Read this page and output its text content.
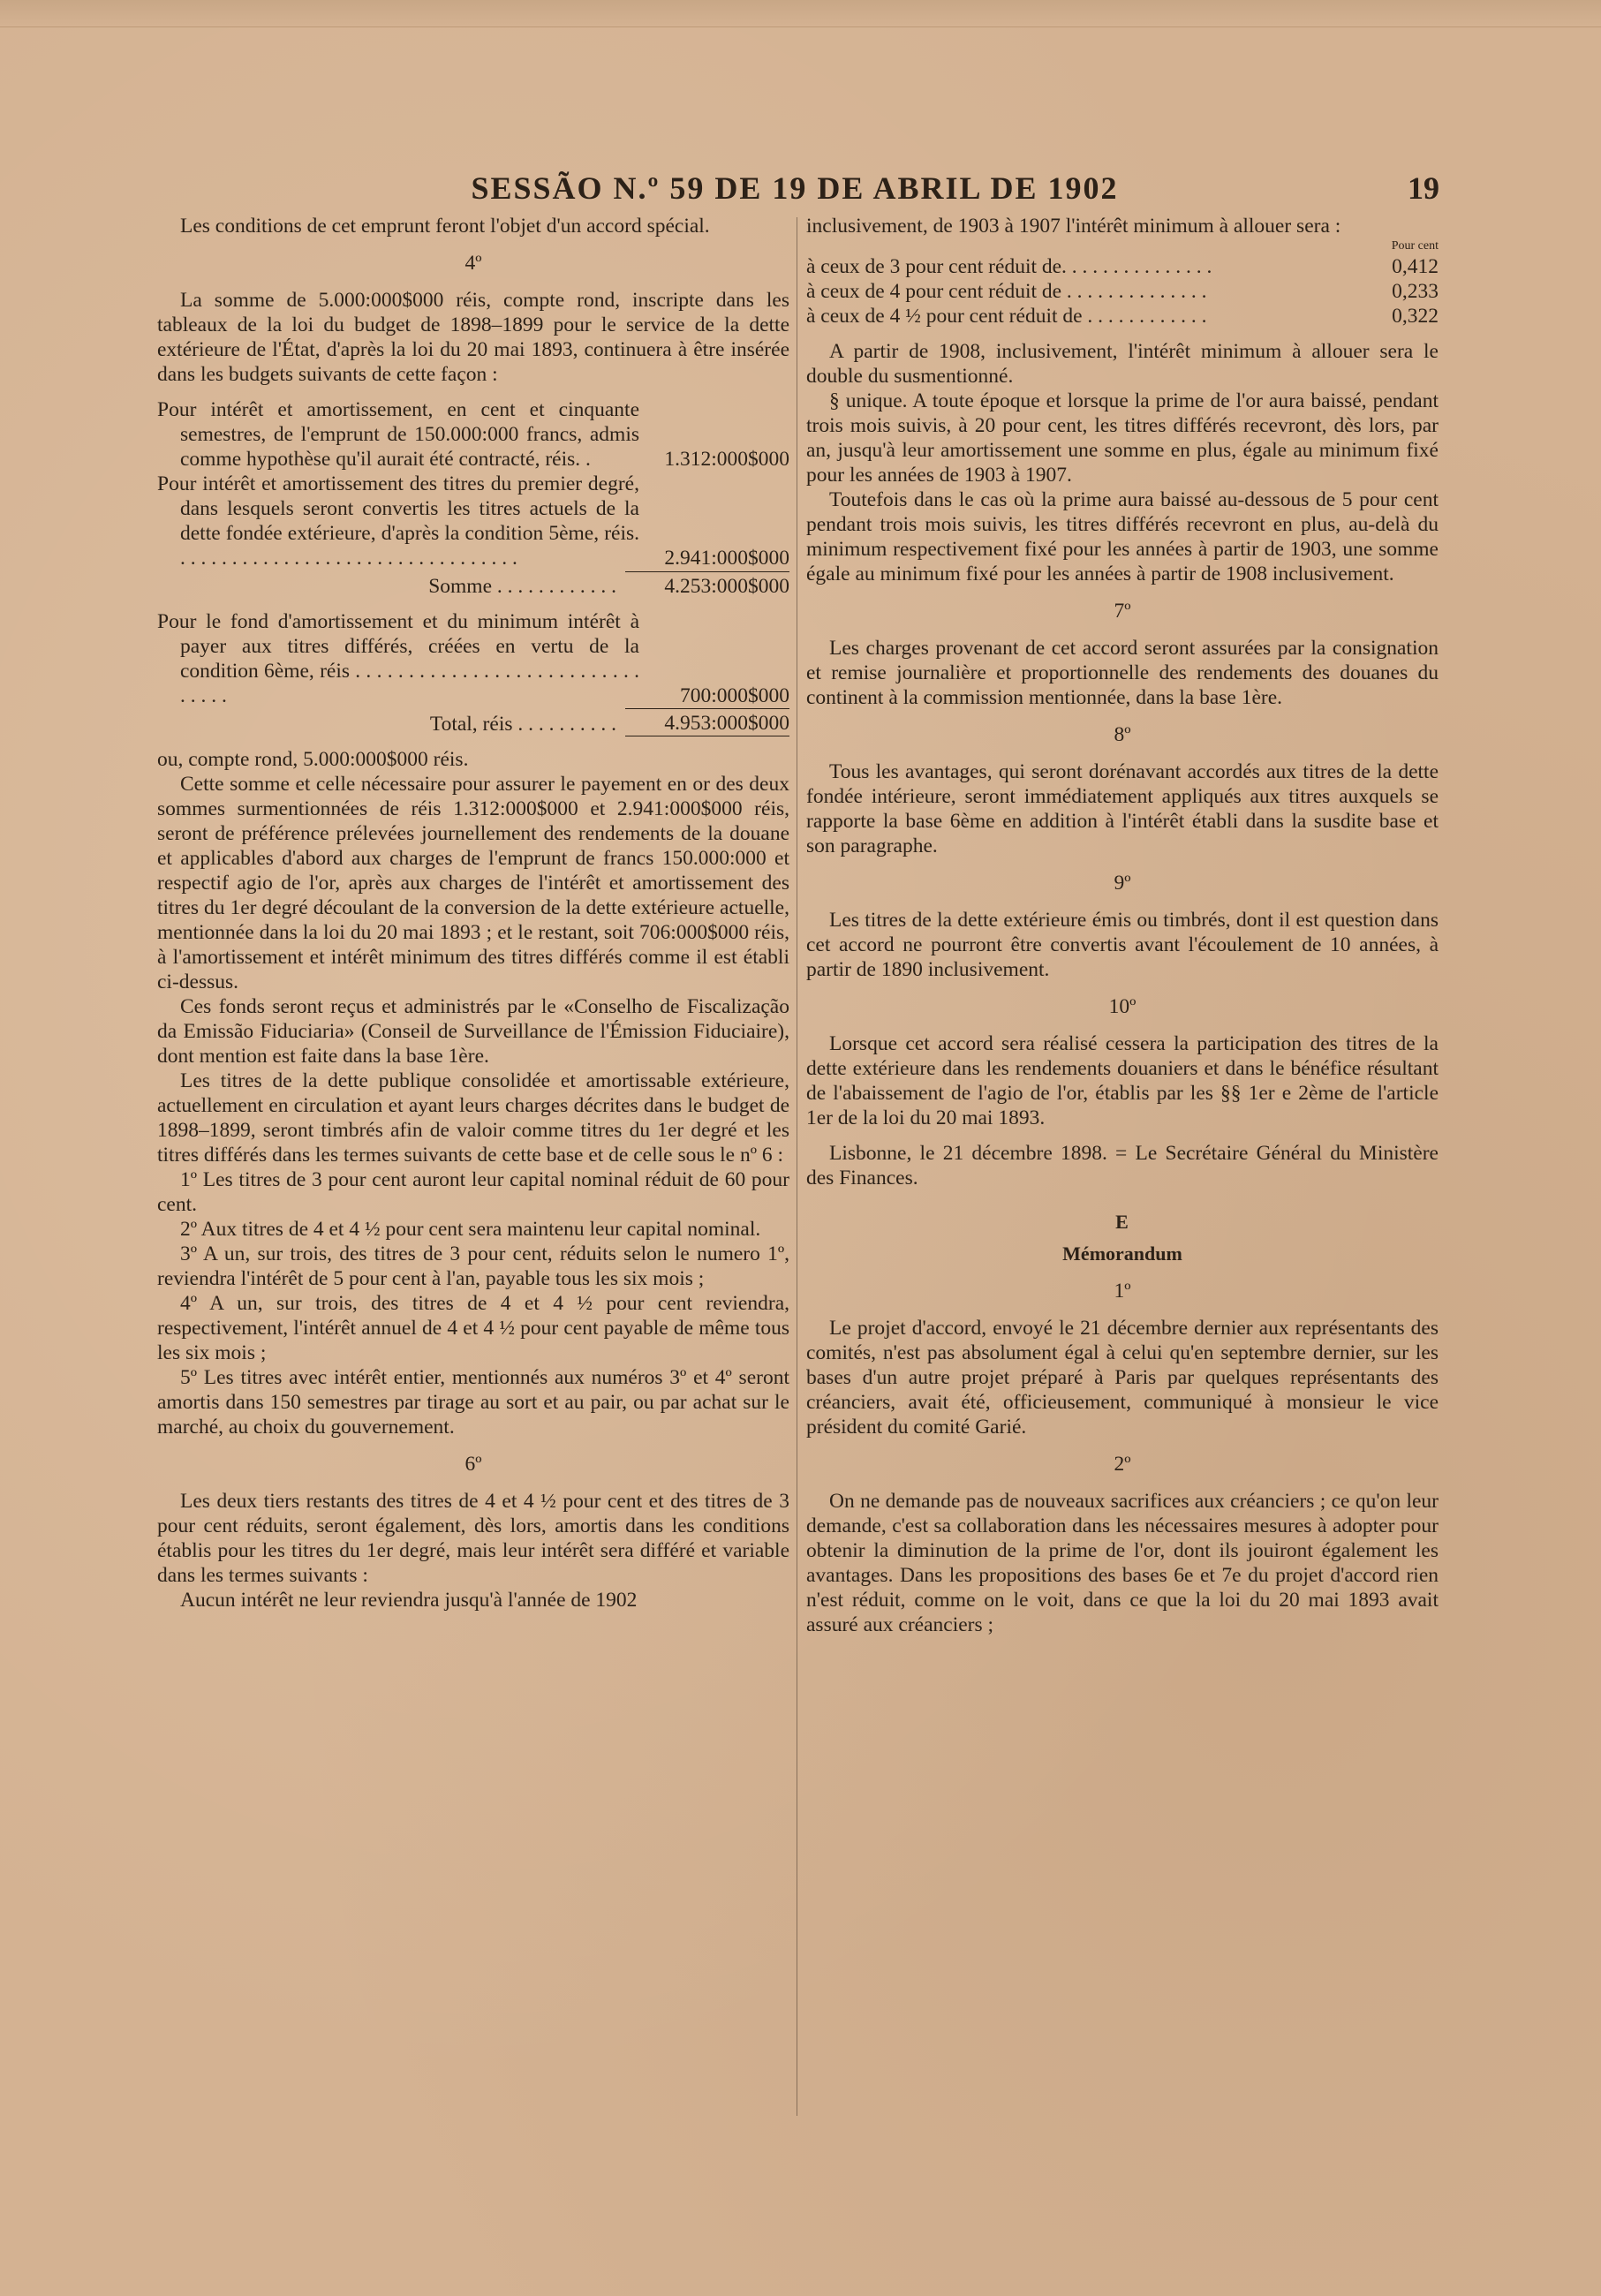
SESSÃO N.º 59 DE 19 DE ABRIL DE 1902	19

Les conditions de cet emprunt feront l'objet d'un accord spécial.

4º

La somme de 5.000:000$000 réis, compte rond, inscripte dans les tableaux de la loi du budget de 1898–1899 pour le service de la dette extérieure de l'État, d'après la loi du 20 mai 1893, continuera à être insérée dans les budgets suivants de cette façon :

Pour intérêt et amortissement, en cent et cinquante semestres, de l'emprunt de 150.000:000 francs, admis comme hypothèse qu'il aurait été contracté, réis. .	1.312:000$000
Pour intérêt et amortissement des titres du premier degré, dans lesquels seront convertis les titres actuels de la dette fondée extérieure, d'après la condition 5ème, réis. . . . . . . . . . . . . . . . . . . . . . . . . . . . . . . . . .	2.941:000$000
Somme . . . . . . . . . . . .	4.253:000$000
Pour le fond d'amortissement et du minimum intérêt à payer aux titres différés, créées en vertu de la condition 6ème, réis . . . . . . . . . . . . . . . . . . . . . . . . . . . . . . . .	700:000$000
Total, réis . . . . . . . . . .	4.953:000$000

ou, compte rond, 5.000:000$000 réis.

Cette somme et celle nécessaire pour assurer le payement en or des deux sommes surmentionnées de réis 1.312:000$000 et 2.941:000$000 réis, seront de préférence prélevées journellement des rendements de la douane et applicables d'abord aux charges de l'emprunt de francs 150.000:000 et respectif agio de l'or, après aux charges de l'intérêt et amortissement des titres du 1er degré découlant de la conversion de la dette extérieure actuelle, mentionnée dans la loi du 20 mai 1893 ; et le restant, soit 706:000$000 réis, à l'amortissement et intérêt minimum des titres différés comme il est établi ci-dessus.

Ces fonds seront reçus et administrés par le «Conselho de Fiscalização da Emissão Fiduciaria» (Conseil de Surveillance de l'Émission Fiduciaire), dont mention est faite dans la base 1ère.

Les titres de la dette publique consolidée et amortissable extérieure, actuellement en circulation et ayant leurs charges décrites dans le budget de 1898–1899, seront timbrés afin de valoir comme titres du 1er degré et les titres différés dans les termes suivants de cette base et de celle sous le nº 6 :

1º Les titres de 3 pour cent auront leur capital nominal réduit de 60 pour cent.

2º Aux titres de 4 et 4 ½ pour cent sera maintenu leur capital nominal.

3º A un, sur trois, des titres de 3 pour cent, réduits selon le numero 1º, reviendra l'intérêt de 5 pour cent à l'an, payable tous les six mois ;

4º A un, sur trois, des titres de 4 et 4 ½ pour cent reviendra, respectivement, l'intérêt annuel de 4 et 4 ½ pour cent payable de même tous les six mois ;

5º Les titres avec intérêt entier, mentionnés aux numéros 3º et 4º seront amortis dans 150 semestres par tirage au sort et au pair, ou par achat sur le marché, au choix du gouvernement.

6º

Les deux tiers restants des titres de 4 et 4 ½ pour cent et des titres de 3 pour cent réduits, seront également, dès lors, amortis dans les conditions établis pour les titres du 1er degré, mais leur intérêt sera différé et variable dans les termes suivants :

Aucun intérêt ne leur reviendra jusqu'à l'année de 1902

inclusivement, de 1903 à 1907 l'intérêt minimum à allouer sera :

Pour cent
à ceux de 3 pour cent réduit de. . . . . . . . . . . . . . .	0,412
à ceux de 4 pour cent réduit de . . . . . . . . . . . . . .	0,233
à ceux de 4 ½ pour cent réduit de . . . . . . . . . . . .	0,322

A partir de 1908, inclusivement, l'intérêt minimum à allouer sera le double du susmentionné.

§ unique. A toute époque et lorsque la prime de l'or aura baissé, pendant trois mois suivis, à 20 pour cent, les titres différés recevront, dès lors, par an, jusqu'à leur amortissement une somme en plus, égale au minimum fixé pour les années de 1903 à 1907.

Toutefois dans le cas où la prime aura baissé au-dessous de 5 pour cent pendant trois mois suivis, les titres différés recevront en plus, au-delà du minimum respectivement fixé pour les années à partir de 1903, une somme égale au minimum fixé pour les années à partir de 1908 inclusivement.

7º

Les charges provenant de cet accord seront assurées par la consignation et remise journalière et proportionnelle des rendements des douanes du continent à la commission mentionnée, dans la base 1ère.

8º

Tous les avantages, qui seront dorénavant accordés aux titres de la dette fondée intérieure, seront immédiatement appliqués aux titres auxquels se rapporte la base 6ème en addition à l'intérêt établi dans la susdite base et son paragraphe.

9º

Les titres de la dette extérieure émis ou timbrés, dont il est question dans cet accord ne pourront être convertis avant l'écoulement de 10 années, à partir de 1890 inclusivement.

10º

Lorsque cet accord sera réalisé cessera la participation des titres de la dette extérieure dans les rendements douaniers et dans le bénéfice résultant de l'abaissement de l'agio de l'or, établis par les §§ 1er e 2ème de l'article 1er de la loi du 20 mai 1893.

Lisbonne, le 21 décembre 1898. = Le Secrétaire Général du Ministère des Finances.

E
Mémorandum

1º

Le projet d'accord, envoyé le 21 décembre dernier aux représentants des comités, n'est pas absolument égal à celui qu'en septembre dernier, sur les bases d'un autre projet préparé à Paris par quelques représentants des créanciers, avait été, officieusement, communiqué à monsieur le vice président du comité Garié.

2º

On ne demande pas de nouveaux sacrifices aux créanciers ; ce qu'on leur demande, c'est sa collaboration dans les nécessaires mesures à adopter pour obtenir la diminution de la prime de l'or, dont ils jouiront également les avantages. Dans les propositions des bases 6e et 7e du projet d'accord rien n'est réduit, comme on le voit, dans ce que la loi du 20 mai 1893 avait assuré aux créanciers ;
